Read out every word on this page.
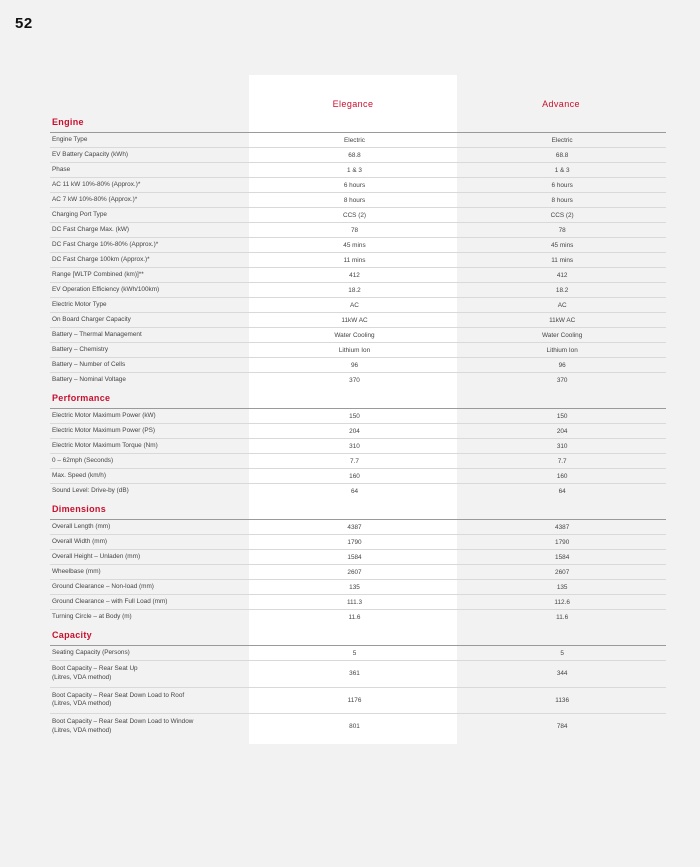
52
Elegance	Advance
Engine
Engine Type	Electric	Electric
EV Battery Capacity (kWh)	68.8	68.8
Phase	1 & 3	1 & 3
AC 11 kW 10%-80% (Approx.)*	6 hours	6 hours
AC 7 kW 10%-80% (Approx.)*	8 hours	8 hours
Charging Port Type	CCS (2)	CCS (2)
DC Fast Charge Max. (kW)	78	78
DC Fast Charge 10%-80% (Approx.)*	45 mins	45 mins
DC Fast Charge 100km (Approx.)*	11 mins	11 mins
Range [WLTP Combined (km)]**	412	412
EV Operation Efficiency (kWh/100km)	18.2	18.2
Electric Motor Type	AC	AC
On Board Charger Capacity	11kW AC	11kW AC
Battery – Thermal Management	Water Cooling	Water Cooling
Battery – Chemistry	Lithium Ion	Lithium Ion
Battery – Number of Cells	96	96
Battery – Nominal Voltage	370	370
Performance
Electric Motor Maximum Power (kW)	150	150
Electric Motor Maximum Power (PS)	204	204
Electric Motor Maximum Torque (Nm)	310	310
0 – 62mph (Seconds)	7.7	7.7
Max. Speed (km/h)	160	160
Sound Level: Drive-by (dB)	64	64
Dimensions
Overall Length (mm)	4387	4387
Overall Width (mm)	1790	1790
Overall Height – Unladen (mm)	1584	1584
Wheelbase (mm)	2607	2607
Ground Clearance – Non-load (mm)	135	135
Ground Clearance – with Full Load (mm)	111.3	112.6
Turning Circle – at Body (m)	11.6	11.6
Capacity
Seating Capacity (Persons)	5	5
Boot Capacity – Rear Seat Up
(Litres, VDA method)	361	344
Boot Capacity – Rear Seat Down Load to Roof
(Litres, VDA method)	1176	1136
Boot Capacity – Rear Seat Down Load to Window
(Litres, VDA method)	801	784
